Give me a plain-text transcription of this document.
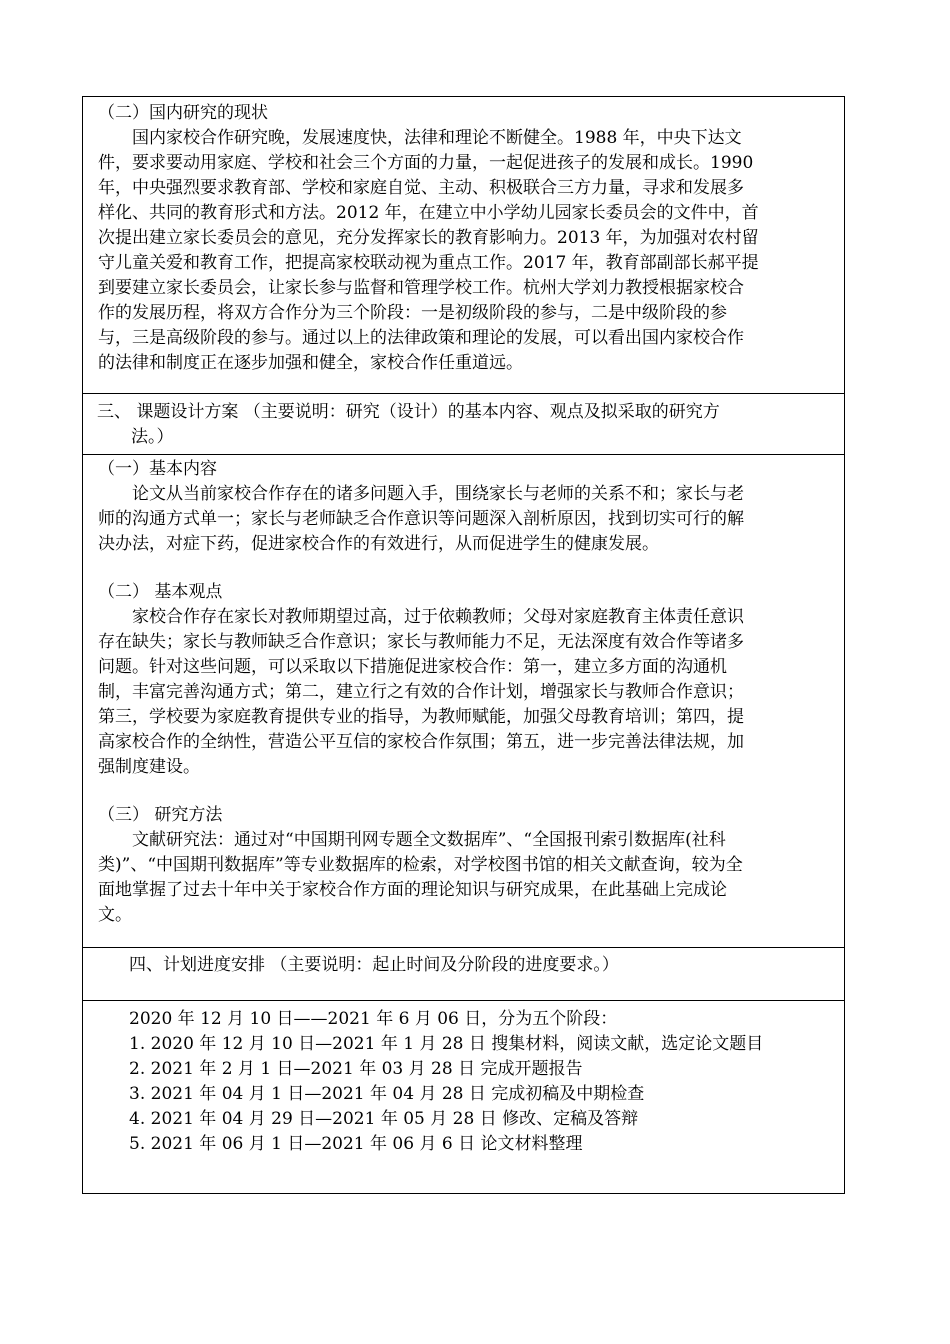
（二）国内研究的现状

国内家校合作研究晚，发展速度快，法律和理论不断健全。1988 年，中央下达文

件，要求要动用家庭、学校和社会三个方面的力量，一起促进孩子的发展和成长。1990

年，中央强烈要求教育部、学校和家庭自觉、主动、积极联合三方力量，寻求和发展多

样化、共同的教育形式和方法。2012 年，在建立中小学幼儿园家长委员会的文件中，首

次提出建立家长委员会的意见，充分发挥家长的教育影响力。2013 年，为加强对农村留

守儿童关爱和教育工作，把提高家校联动视为重点工作。2017 年，教育部副部长郝平提

到要建立家长委员会，让家长参与监督和管理学校工作。杭州大学刘力教授根据家校合

作的发展历程，将双方合作分为三个阶段：一是初级阶段的参与，二是中级阶段的参

与，三是高级阶段的参与。通过以上的法律政策和理论的发展，可以看出国内家校合作

的法律和制度正在逐步加强和健全，家校合作任重道远。

三、 课题设计方案 （主要说明：研究（设计）的基本内容、观点及拟采取的研究方

法。）

（一）基本内容

论文从当前家校合作存在的诸多问题入手，围绕家长与老师的关系不和；家长与老

师的沟通方式单一；家长与老师缺乏合作意识等问题深入剖析原因，找到切实可行的解

决办法，对症下药，促进家校合作的有效进行，从而促进学生的健康发展。

（二） 基本观点

家校合作存在家长对教师期望过高，过于依赖教师；父母对家庭教育主体责任意识

存在缺失；家长与教师缺乏合作意识；家长与教师能力不足，无法深度有效合作等诸多

问题。针对这些问题，可以采取以下措施促进家校合作：第一，建立多方面的沟通机

制，丰富完善沟通方式；第二，建立行之有效的合作计划，增强家长与教师合作意识；

第三，学校要为家庭教育提供专业的指导，为教师赋能，加强父母教育培训；第四，提

高家校合作的全纳性，营造公平互信的家校合作氛围；第五，进一步完善法律法规，加

强制度建设。

（三） 研究方法

文献研究法：通过对“中国期刊网专题全文数据库”、“全国报刊索引数据库(社科

类)”、“中国期刊数据库”等专业数据库的检索，对学校图书馆的相关文献查询，较为全

面地掌握了过去十年中关于家校合作方面的理论知识与研究成果，在此基础上完成论

文。

四、计划进度安排 （主要说明：起止时间及分阶段的进度要求。）

2020 年 12 月 10 日——2021 年 6 月 06 日，分为五个阶段：

1. 2020 年 12 月 10 日—2021 年 1 月 28 日 搜集材料，阅读文献，选定论文题目

2. 2021 年 2 月 1 日—2021 年 03 月 28 日 完成开题报告

3. 2021 年 04 月 1 日—2021 年 04 月 28 日 完成初稿及中期检查

4. 2021 年 04 月 29 日—2021 年 05 月 28 日 修改、定稿及答辩

5. 2021 年 06 月 1 日—2021 年 06 月 6 日 论文材料整理
